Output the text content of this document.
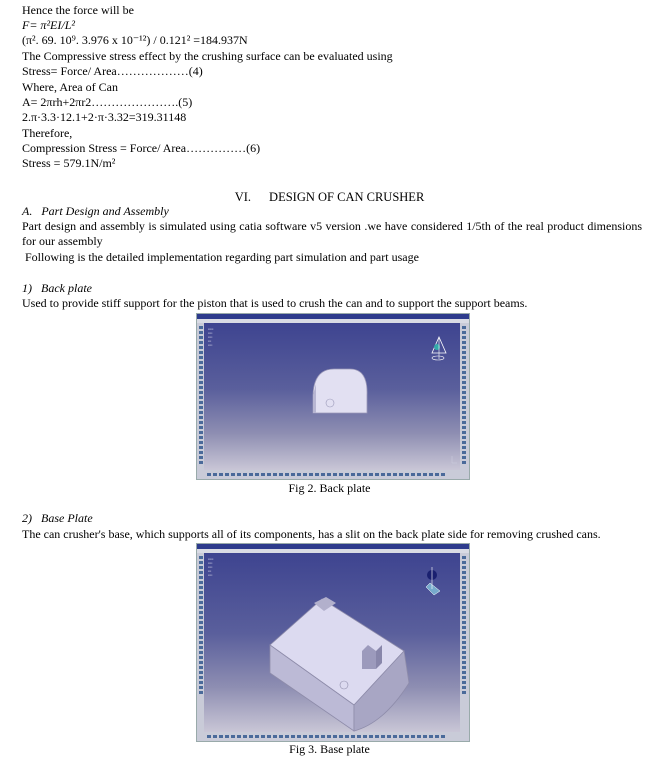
Hence the force will be
F= π²EI/L²
(π². 69. 10⁹. 3.976 x 10⁻¹²) / 0.121² =184.937N
The Compressive stress effect by the crushing surface can be evaluated using
Stress= Force/ Area………………(4)
Where, Area of Can
A= 2πrh+2πr2………………….(5)
2.π·3.3·12.1+2·π·3.32=319.31148
Therefore,
Compression Stress = Force/ Area……………(6)
Stress = 579.1N/m²
VI. DESIGN OF CAN CRUSHER
A. Part Design and Assembly
Part design and assembly is simulated using catia software v5 version .we have considered 1/5th of the real product dimensions for our assembly
Following is the detailed implementation regarding part simulation and part usage
1) Back plate
Used to provide stiff support for the piston that is used to crush the can and to support the support beams.
▪▪▪▪▪
▪▪▪▪
▪▪▪▪
▪▪▪
▪▪▪▪
Fig 2. Back plate
2) Base Plate
The can crusher's base, which supports all of its components, has a slit on the back plate side for removing crushed cans.
▪▪▪▪▪
▪▪▪▪
▪▪▪▪
▪▪▪
▪▪▪▪
Fig 3. Base plate
